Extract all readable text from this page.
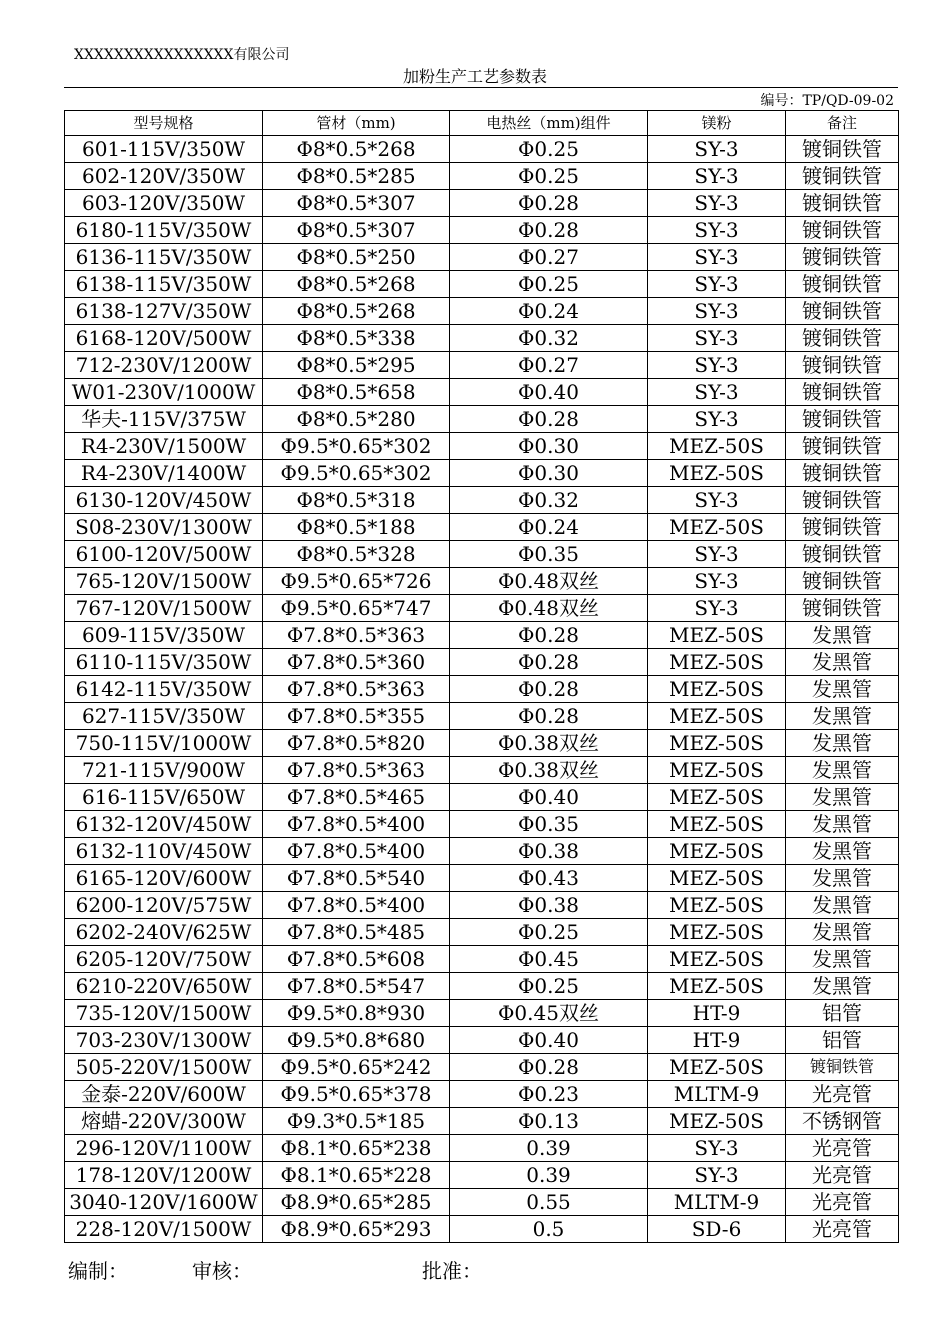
XXXXXXXXXXXXXXXX有限公司
加粉生产工艺参数表
编号：TP/QD-09-02
型号规格	管材（mm)	电热丝（mm)组件	镁粉	备注
601-115V/350W	Φ8*0.5*268	Φ0.25	SY-3	镀铜铁管
602-120V/350W	Φ8*0.5*285	Φ0.25	SY-3	镀铜铁管
603-120V/350W	Φ8*0.5*307	Φ0.28	SY-3	镀铜铁管
6180-115V/350W	Φ8*0.5*307	Φ0.28	SY-3	镀铜铁管
6136-115V/350W	Φ8*0.5*250	Φ0.27	SY-3	镀铜铁管
6138-115V/350W	Φ8*0.5*268	Φ0.25	SY-3	镀铜铁管
6138-127V/350W	Φ8*0.5*268	Φ0.24	SY-3	镀铜铁管
6168-120V/500W	Φ8*0.5*338	Φ0.32	SY-3	镀铜铁管
712-230V/1200W	Φ8*0.5*295	Φ0.27	SY-3	镀铜铁管
W01-230V/1000W	Φ8*0.5*658	Φ0.40	SY-3	镀铜铁管
华夫-115V/375W	Φ8*0.5*280	Φ0.28	SY-3	镀铜铁管
R4-230V/1500W	Φ9.5*0.65*302	Φ0.30	MEZ-50S	镀铜铁管
R4-230V/1400W	Φ9.5*0.65*302	Φ0.30	MEZ-50S	镀铜铁管
6130-120V/450W	Φ8*0.5*318	Φ0.32	SY-3	镀铜铁管
S08-230V/1300W	Φ8*0.5*188	Φ0.24	MEZ-50S	镀铜铁管
6100-120V/500W	Φ8*0.5*328	Φ0.35	SY-3	镀铜铁管
765-120V/1500W	Φ9.5*0.65*726	Φ0.48双丝	SY-3	镀铜铁管
767-120V/1500W	Φ9.5*0.65*747	Φ0.48双丝	SY-3	镀铜铁管
609-115V/350W	Φ7.8*0.5*363	Φ0.28	MEZ-50S	发黑管
6110-115V/350W	Φ7.8*0.5*360	Φ0.28	MEZ-50S	发黑管
6142-115V/350W	Φ7.8*0.5*363	Φ0.28	MEZ-50S	发黑管
627-115V/350W	Φ7.8*0.5*355	Φ0.28	MEZ-50S	发黑管
750-115V/1000W	Φ7.8*0.5*820	Φ0.38双丝	MEZ-50S	发黑管
721-115V/900W	Φ7.8*0.5*363	Φ0.38双丝	MEZ-50S	发黑管
616-115V/650W	Φ7.8*0.5*465	Φ0.40	MEZ-50S	发黑管
6132-120V/450W	Φ7.8*0.5*400	Φ0.35	MEZ-50S	发黑管
6132-110V/450W	Φ7.8*0.5*400	Φ0.38	MEZ-50S	发黑管
6165-120V/600W	Φ7.8*0.5*540	Φ0.43	MEZ-50S	发黑管
6200-120V/575W	Φ7.8*0.5*400	Φ0.38	MEZ-50S	发黑管
6202-240V/625W	Φ7.8*0.5*485	Φ0.25	MEZ-50S	发黑管
6205-120V/750W	Φ7.8*0.5*608	Φ0.45	MEZ-50S	发黑管
6210-220V/650W	Φ7.8*0.5*547	Φ0.25	MEZ-50S	发黑管
735-120V/1500W	Φ9.5*0.8*930	Φ0.45双丝	HT-9	铝管
703-230V/1300W	Φ9.5*0.8*680	Φ0.40	HT-9	铝管
505-220V/1500W	Φ9.5*0.65*242	Φ0.28	MEZ-50S	镀铜铁管
金泰-220V/600W	Φ9.5*0.65*378	Φ0.23	MLTM-9	光亮管
熔蜡-220V/300W	Φ9.3*0.5*185	Φ0.13	MEZ-50S	不锈钢管
296-120V/1100W	Φ8.1*0.65*238	0.39	SY-3	光亮管
178-120V/1200W	Φ8.1*0.65*228	0.39	SY-3	光亮管
3040-120V/1600W	Φ8.9*0.65*285	0.55	MLTM-9	光亮管
228-120V/1500W	Φ8.9*0.65*293	0.5	SD-6	光亮管
编制：	审核：	批准：
